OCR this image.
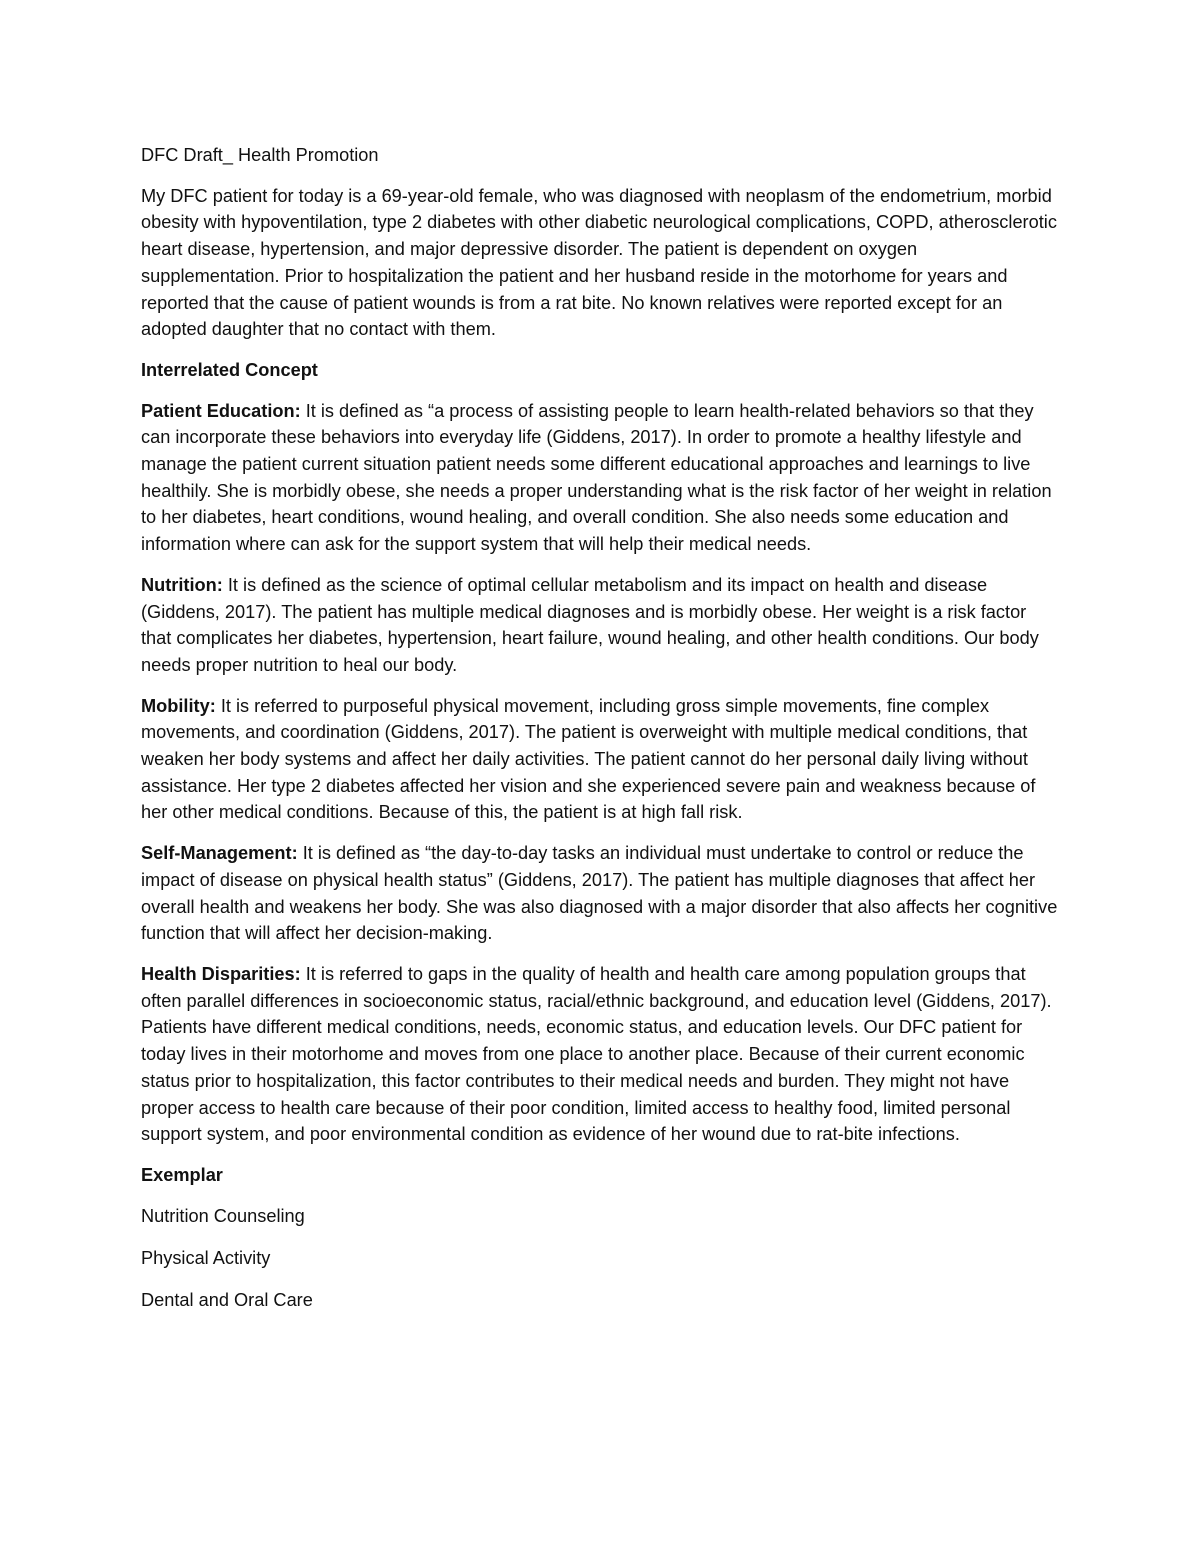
DFC Draft_ Health Promotion

My DFC patient for today is a 69-year-old female, who was diagnosed with neoplasm of the endometrium, morbid obesity with hypoventilation, type 2 diabetes with other diabetic neurological complications, COPD, atherosclerotic heart disease, hypertension, and major depressive disorder. The patient is dependent on oxygen supplementation. Prior to hospitalization the patient and her husband reside in the motorhome for years and reported that the cause of patient wounds is from a rat bite. No known relatives were reported except for an adopted daughter that no contact with them.

Interrelated Concept

Patient Education: It is defined as “a process of assisting people to learn health-related behaviors so that they can incorporate these behaviors into everyday life (Giddens, 2017). In order to promote a healthy lifestyle and manage the patient current situation patient needs some different educational approaches and learnings to live healthily. She is morbidly obese, she needs a proper understanding what is the risk factor of her weight in relation to her diabetes, heart conditions, wound healing, and overall condition. She also needs some education and information where can ask for the support system that will help their medical needs.

Nutrition: It is defined as the science of optimal cellular metabolism and its impact on health and disease (Giddens, 2017). The patient has multiple medical diagnoses and is morbidly obese. Her weight is a risk factor that complicates her diabetes, hypertension, heart failure, wound healing, and other health conditions. Our body needs proper nutrition to heal our body.

Mobility: It is referred to purposeful physical movement, including gross simple movements, fine complex movements, and coordination (Giddens, 2017). The patient is overweight with multiple medical conditions, that weaken her body systems and affect her daily activities. The patient cannot do her personal daily living without assistance. Her type 2 diabetes affected her vision and she experienced severe pain and weakness because of her other medical conditions. Because of this, the patient is at high fall risk.

Self-Management: It is defined as “the day-to-day tasks an individual must undertake to control or reduce the impact of disease on physical health status” (Giddens, 2017). The patient has multiple diagnoses that affect her overall health and weakens her body. She was also diagnosed with a major disorder that also affects her cognitive function that will affect her decision-making.

Health Disparities: It is referred to gaps in the quality of health and health care among population groups that often parallel differences in socioeconomic status, racial/ethnic background, and education level (Giddens, 2017). Patients have different medical conditions, needs, economic status, and education levels. Our DFC patient for today lives in their motorhome and moves from one place to another place. Because of their current economic status prior to hospitalization, this factor contributes to their medical needs and burden. They might not have proper access to health care because of their poor condition, limited access to healthy food, limited personal support system, and poor environmental condition as evidence of her wound due to rat-bite infections.

Exemplar
Nutrition Counseling
Physical Activity
Dental and Oral Care
